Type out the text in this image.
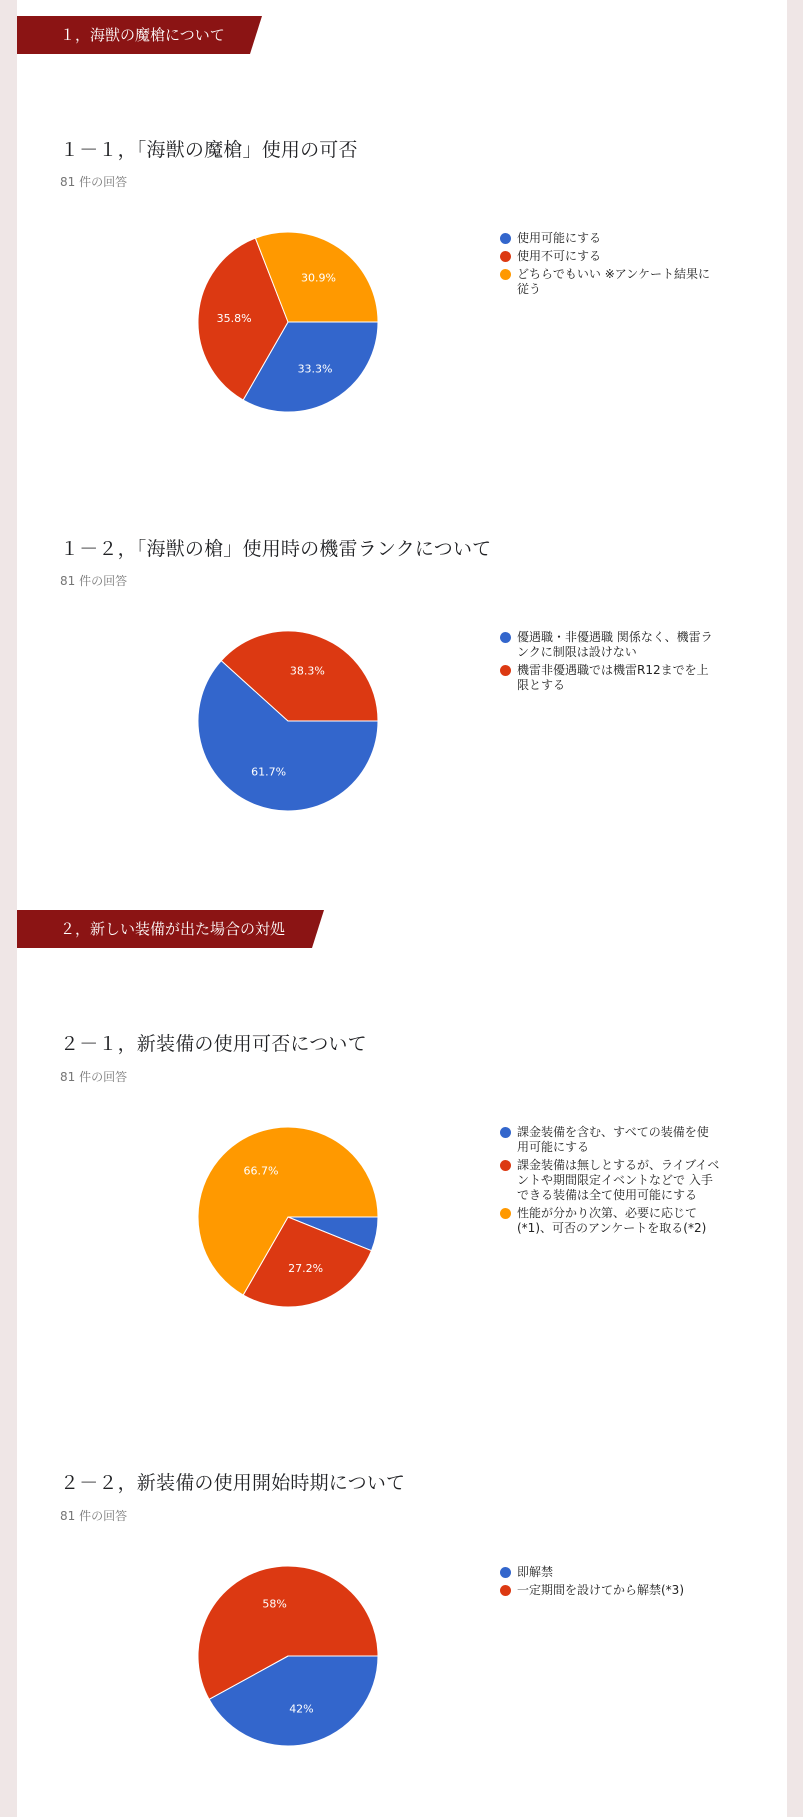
１，海獣の魔槍について
１－１，「海獣の魔槍」使用の可否
81 件の回答
33.3%
35.8%
30.9%
使用可能にする
使用不可にする
どちらでもいい ※アンケート結果に従う
１－２，「海獣の槍」使用時の機雷ランクについて
81 件の回答
61.7%
38.3%
優遇職・非優遇職 関係なく、機雷ランクに制限は設けない
機雷非優遇職では機雷R12までを上限とする
２，新しい装備が出た場合の対処
２－１，新装備の使用可否について
81 件の回答
27.2%
66.7%
課金装備を含む、すべての装備を使用可能にする
課金装備は無しとするが、ライブイベントや期間限定イベントなどで 入手できる装備は全て使用可能にする
性能が分かり次第、必要に応じて(*1)、可否のアンケートを取る(*2)
２－２，新装備の使用開始時期について
81 件の回答
42%
58%
即解禁
一定期間を設けてから解禁(*3)
